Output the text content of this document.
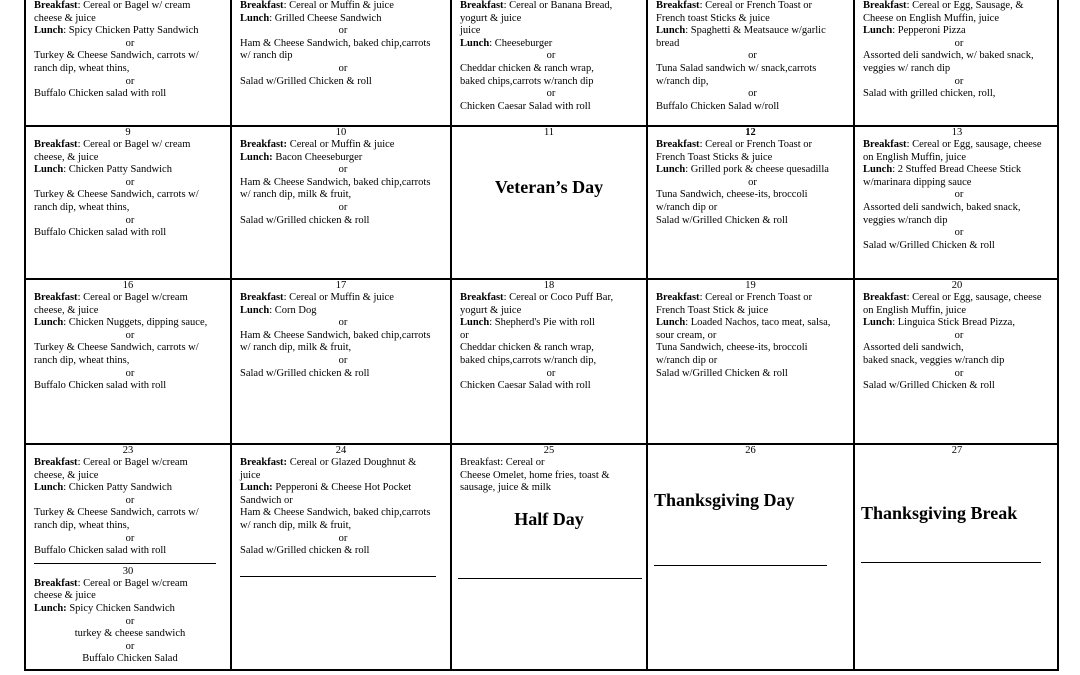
Breakfast: Cereal or Bagel w/ cream
cheese & juice
Lunch: Spicy Chicken Patty Sandwich
or
Turkey & Cheese Sandwich, carrots w/
ranch dip, wheat thins,
or
Buffalo Chicken salad with roll
Breakfast: Cereal or Muffin & juice
Lunch: Grilled Cheese Sandwich
or
Ham & Cheese Sandwich, baked chip,carrots
w/ ranch dip
or
Salad w/Grilled Chicken & roll
Breakfast: Cereal or Banana Bread,
yogurt & juice
juice
Lunch: Cheeseburger
or
Cheddar chicken & ranch wrap,
baked chips,carrots w/ranch dip
or
Chicken Caesar Salad with roll
Breakfast: Cereal or French Toast or
French toast Sticks & juice
Lunch: Spaghetti & Meatsauce w/garlic
bread
or
Tuna Salad sandwich w/ snack,carrots
w/ranch dip,
or
Buffalo Chicken Salad w/roll
Breakfast: Cereal or Egg, Sausage, &
Cheese on English Muffin, juice
Lunch: Pepperoni Pizza
or
Assorted deli sandwich, w/ baked snack,
veggies w/ ranch dip
or
Salad with grilled chicken, roll,
9
Breakfast: Cereal or Bagel w/ cream
cheese, & juice
Lunch: Chicken Patty Sandwich
or
Turkey & Cheese Sandwich, carrots w/
ranch dip, wheat thins,
or
Buffalo Chicken salad with roll
10
Breakfast: Cereal or Muffin & juice
Lunch: Bacon Cheeseburger
or
Ham & Cheese Sandwich, baked chip,carrots
w/ ranch dip, milk & fruit,
or
Salad w/Grilled chicken & roll
11
Veteran’s Day
12
Breakfast: Cereal or French Toast or
French Toast Sticks & juice
Lunch: Grilled pork & cheese quesadilla
or
Tuna Sandwich, cheese-its, broccoli
w/ranch dip or
Salad w/Grilled Chicken & roll
13
Breakfast: Cereal or Egg, sausage, cheese
on English Muffin, juice
Lunch: 2 Stuffed Bread Cheese Stick
w/marinara dipping sauce
or
Assorted deli sandwich, baked snack,
veggies w/ranch dip
or
Salad w/Grilled Chicken & roll
16
Breakfast: Cereal or Bagel w/cream
cheese, & juice
Lunch: Chicken Nuggets, dipping sauce,
or
Turkey & Cheese Sandwich, carrots w/
ranch dip, wheat thins,
or
Buffalo Chicken salad with roll
17
Breakfast: Cereal or Muffin & juice
Lunch: Corn Dog
or
Ham & Cheese Sandwich, baked chip,carrots
w/ ranch dip, milk & fruit,
or
Salad w/Grilled chicken & roll
18
Breakfast: Cereal or Coco Puff Bar,
yogurt & juice
Lunch: Shepherd's Pie with roll
or
Cheddar chicken & ranch wrap,
baked chips,carrots w/ranch dip,
or
Chicken Caesar Salad with roll
19
Breakfast: Cereal or French Toast or
French Toast Stick & juice
Lunch: Loaded Nachos, taco meat, salsa,
sour cream, or
Tuna Sandwich, cheese-its, broccoli
w/ranch dip or
Salad w/Grilled Chicken & roll
20
Breakfast: Cereal or Egg, sausage, cheese
on English Muffin, juice
Lunch: Linguica Stick Bread Pizza,
or
Assorted deli sandwich,
baked snack, veggies w/ranch dip
or
Salad w/Grilled Chicken & roll
23
Breakfast: Cereal or Bagel w/cream
cheese, & juice
Lunch: Chicken Patty Sandwich
or
Turkey & Cheese Sandwich, carrots w/
ranch dip, wheat thins,
or
Buffalo Chicken salad with roll
30
Breakfast: Cereal or Bagel w/cream
cheese & juice
Lunch: Spicy Chicken Sandwich
or
turkey & cheese sandwich
or
Buffalo Chicken Salad
24
Breakfast: Cereal or Glazed Doughnut &
juice
Lunch: Pepperoni & Cheese Hot Pocket
Sandwich or
Ham & Cheese Sandwich, baked chip,carrots
w/ ranch dip, milk & fruit,
or
Salad w/Grilled chicken & roll
25
Breakfast: Cereal or
Cheese Omelet, home fries, toast &
sausage, juice & milk
Half Day
26
Thanksgiving Day
27
Thanksgiving Break
